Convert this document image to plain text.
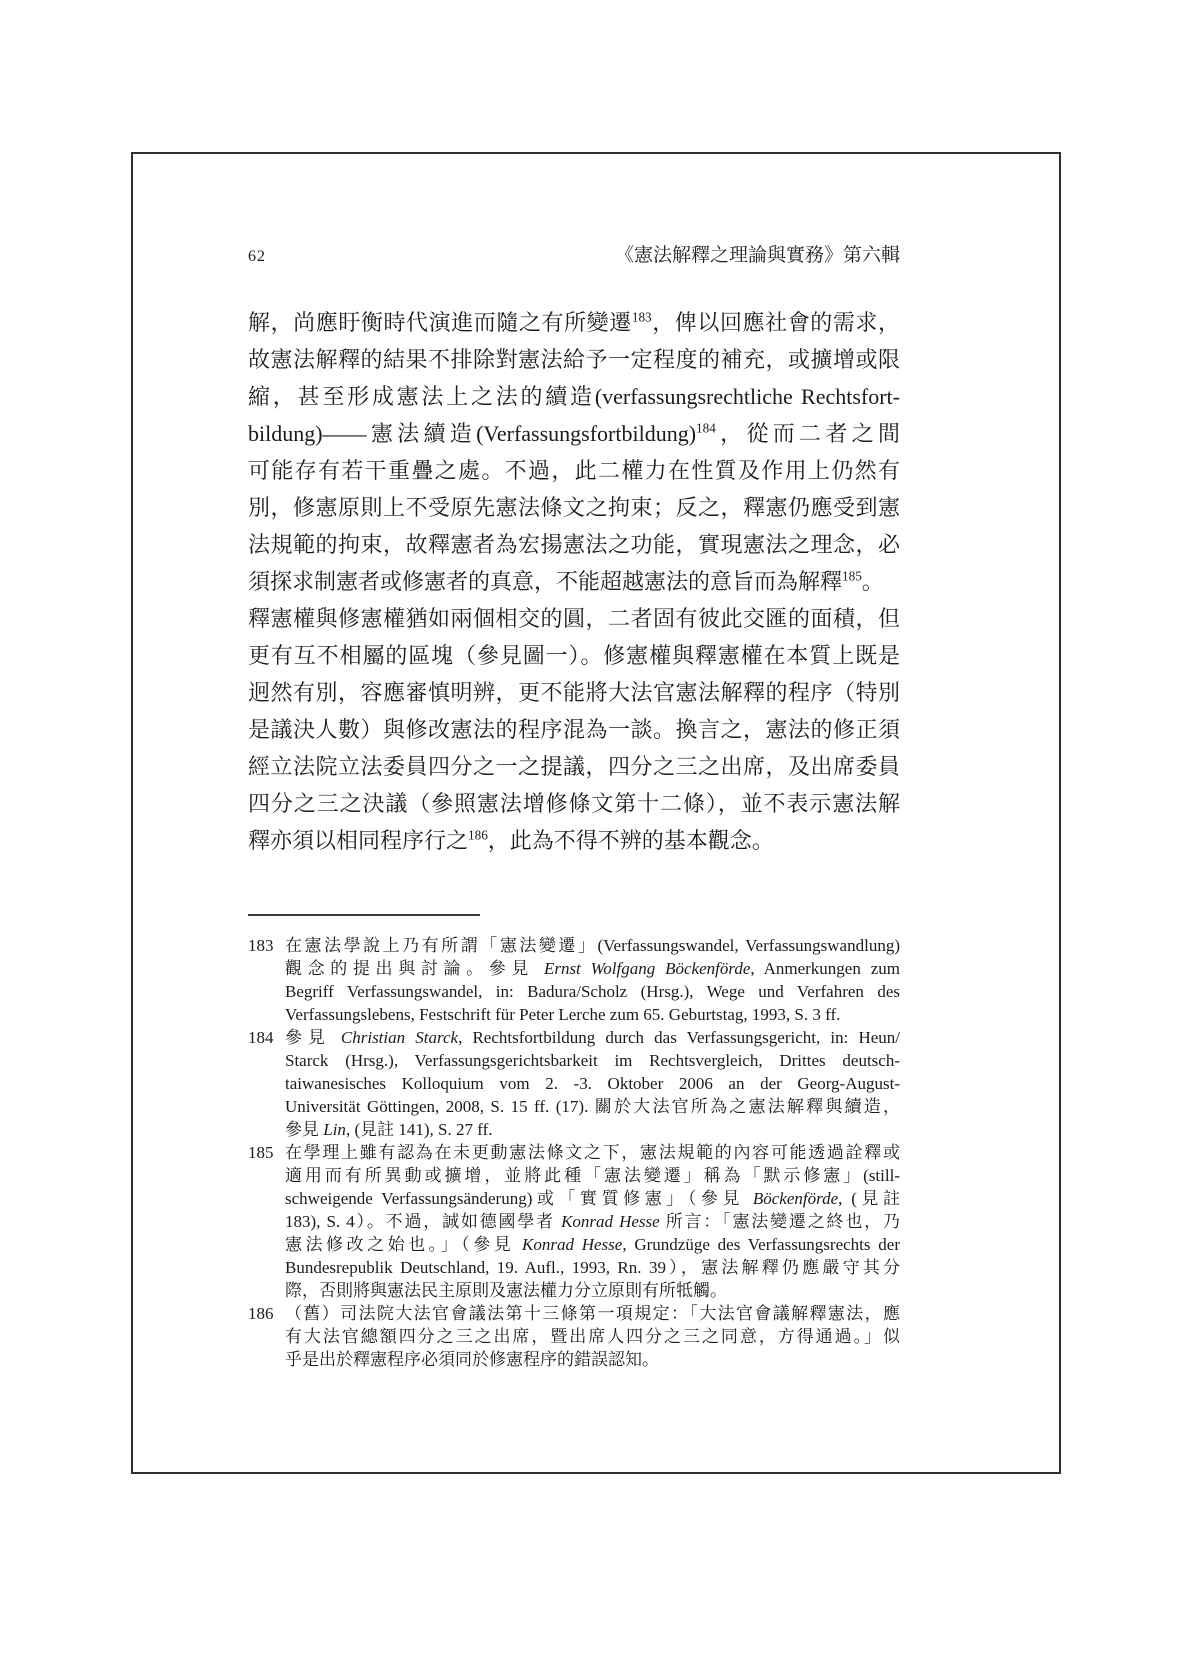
62	《憲法解釋之理論與實務》第六輯
解，尚應盱衡時代演進而隨之有所變遷$^{183}$，俾以回應社會的需求，
故憲法解釋的結果不排除對憲法給予一定程度的補充，或擴增或限
縮，甚至形成憲法上之法的續造(verfassungsrechtliche Rechtsfort-
bildung)——憲法續造(Verfassungsfortbildung)$^{184}$，從而二者之間
可能存有若干重疊之處。不過，此二權力在性質及作用上仍然有
別，修憲原則上不受原先憲法條文之拘束；反之，釋憲仍應受到憲
法規範的拘束，故釋憲者為宏揚憲法之功能，實現憲法之理念，必
須探求制憲者或修憲者的真意，不能超越憲法的意旨而為解釋$^{185}$。
釋憲權與修憲權猶如兩個相交的圓，二者固有彼此交匯的面積，但
更有互不相屬的區塊（參見圖一）。修憲權與釋憲權在本質上既是
迥然有別，容應審慎明辨，更不能將大法官憲法解釋的程序（特別
是議決人數）與修改憲法的程序混為一談。換言之，憲法的修正須
經立法院立法委員四分之一之提議，四分之三之出席，及出席委員
四分之三之決議（參照憲法增修條文第十二條），並不表示憲法解
釋亦須以相同程序行之$^{186}$，此為不得不辨的基本觀念。
183 在憲法學說上乃有所謂「憲法變遷」(Verfassungswandel, Verfassungswandlung)
觀念的提出與討論。參見 Ernst Wolfgang Böckenförde, Anmerkungen zum
Begriff Verfassungswandel, in: Badura/Scholz (Hrsg.), Wege und Verfahren des
Verfassungslebens, Festschrift für Peter Lerche zum 65. Geburtstag, 1993, S. 3 ff.
184 參見 Christian Starck, Rechtsfortbildung durch das Verfassungsgericht, in: Heun/
Starck (Hrsg.), Verfassungsgerichtsbarkeit im Rechtsvergleich, Drittes deutsch-
taiwanesisches Kolloquium vom 2. -3. Oktober 2006 an der Georg-August-
Universität Göttingen, 2008, S. 15 ff. (17). 關於大法官所為之憲法解釋與續造，
參見 Lin, (見註 141), S. 27 ff.
185 在學理上雖有認為在未更動憲法條文之下，憲法規範的內容可能透過詮釋或
適用而有所異動或擴增，並將此種「憲法變遷」稱為「默示修憲」(still-
schweigende Verfassungsänderung)或「實質修憲」（參見 Böckenförde, (見註
183), S. 4）。不過，誠如德國學者 Konrad Hesse 所言：「憲法變遷之終也，乃
憲法修改之始也。」（參見 Konrad Hesse, Grundzüge des Verfassungsrechts der
Bundesrepublik Deutschland, 19. Aufl., 1993, Rn. 39），憲法解釋仍應嚴守其分
際，否則將與憲法民主原則及憲法權力分立原則有所牴觸。
186 （舊）司法院大法官會議法第十三條第一項規定：「大法官會議解釋憲法，應
有大法官總額四分之三之出席，暨出席人四分之三之同意，方得通過。」似
乎是出於釋憲程序必須同於修憲程序的錯誤認知。
